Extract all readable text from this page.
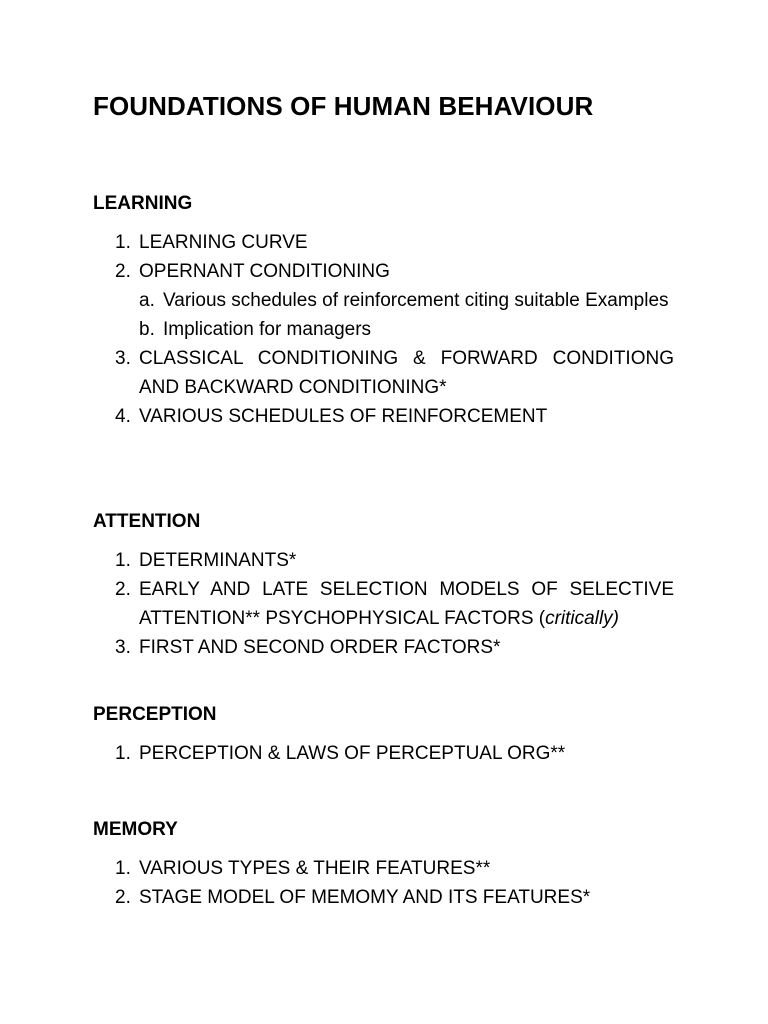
FOUNDATIONS OF HUMAN BEHAVIOUR
LEARNING
1. LEARNING CURVE
2. OPERNANT CONDITIONING
a. Various schedules of reinforcement citing suitable Examples
b. Implication for managers
3. CLASSICAL CONDITIONING & FORWARD CONDITIONG AND BACKWARD CONDITIONING*
4. VARIOUS SCHEDULES OF REINFORCEMENT
ATTENTION
1. DETERMINANTS*
2. EARLY AND LATE SELECTION MODELS OF SELECTIVE ATTENTION** PSYCHOPHYSICAL FACTORS (critically)
3. FIRST AND SECOND ORDER FACTORS*
PERCEPTION
1. PERCEPTION & LAWS OF PERCEPTUAL ORG**
MEMORY
1. VARIOUS TYPES & THEIR FEATURES**
2. STAGE MODEL OF MEMOMY AND ITS FEATURES*
